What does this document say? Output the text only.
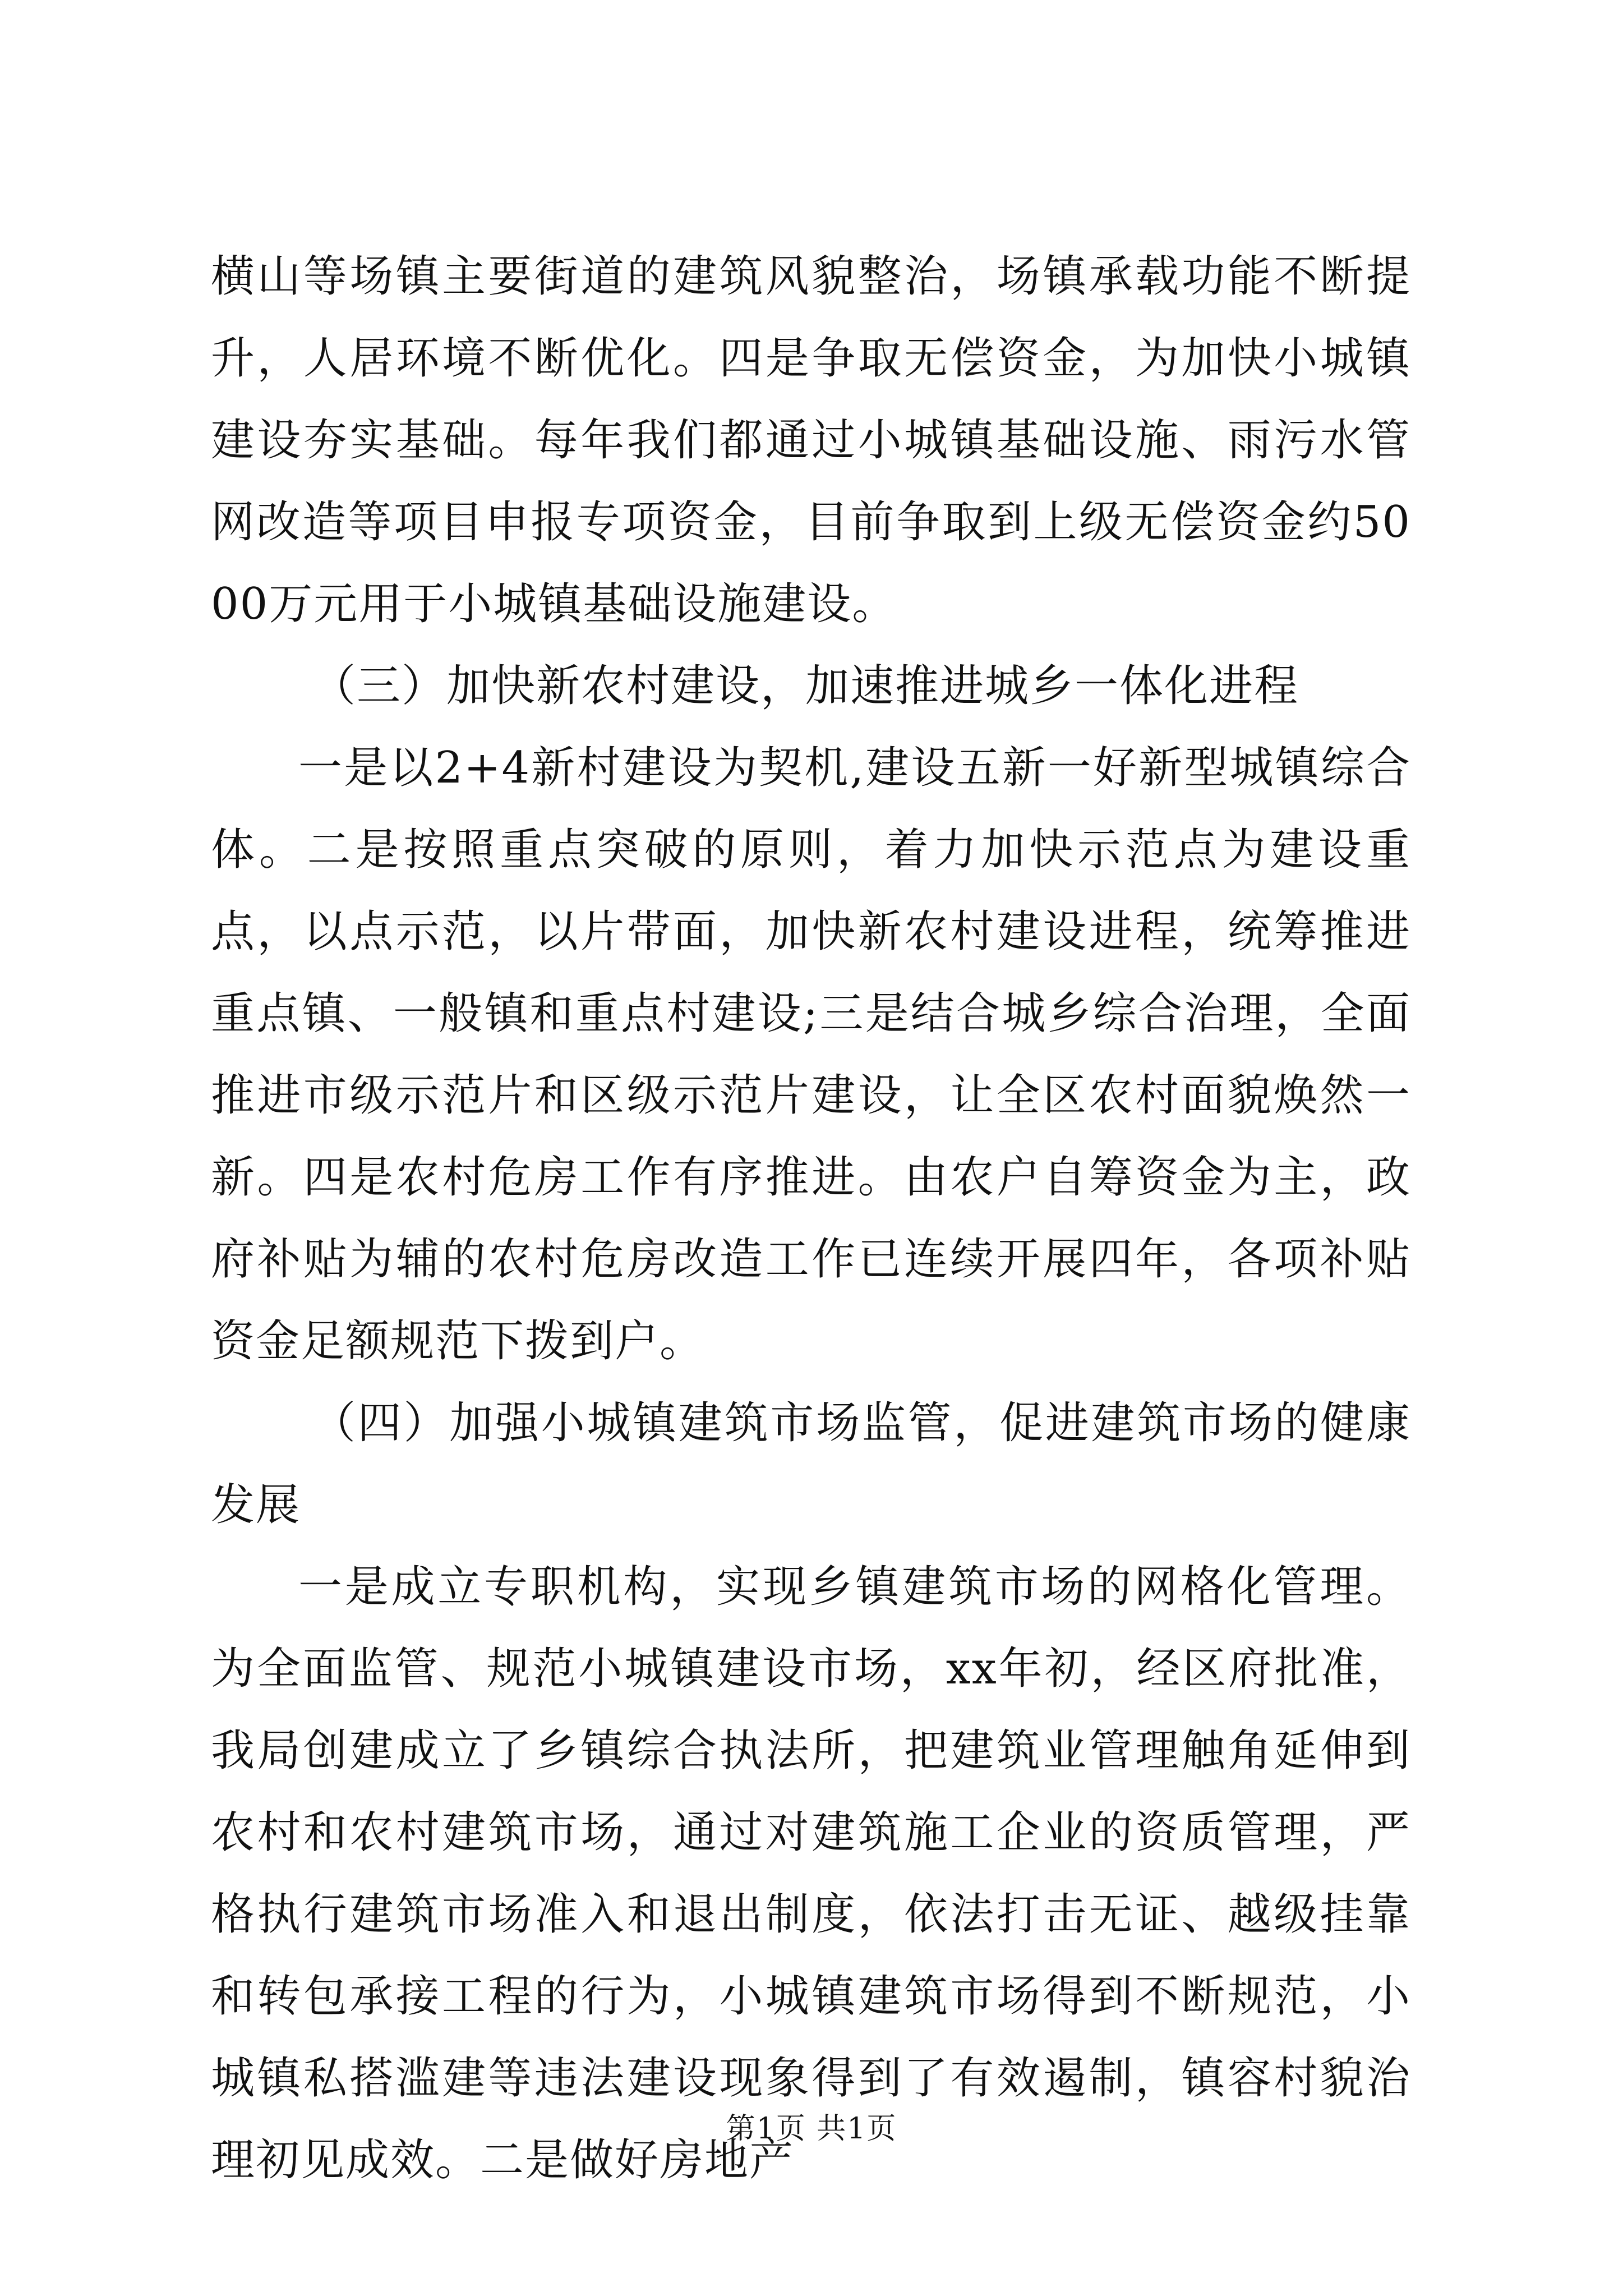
横山等场镇主要街道的建筑风貌整治，场镇承载功能不断提升，人居环境不断优化。四是争取无偿资金，为加快小城镇建设夯实基础。每年我们都通过小城镇基础设施、雨污水管网改造等项目申报专项资金，目前争取到上级无偿资金约5000万元用于小城镇基础设施建设。

（三）加快新农村建设，加速推进城乡一体化进程

一是以2+4新村建设为契机,建设五新一好新型城镇综合体。二是按照重点突破的原则，着力加快示范点为建设重点，以点示范，以片带面，加快新农村建设进程，统筹推进重点镇、一般镇和重点村建设;三是结合城乡综合治理，全面推进市级示范片和区级示范片建设，让全区农村面貌焕然一新。四是农村危房工作有序推进。由农户自筹资金为主，政府补贴为辅的农村危房改造工作已连续开展四年，各项补贴资金足额规范下拨到户。

（四）加强小城镇建筑市场监管，促进建筑市场的健康发展

一是成立专职机构，实现乡镇建筑市场的网格化管理。为全面监管、规范小城镇建设市场，xx年初，经区府批准，我局创建成立了乡镇综合执法所，把建筑业管理触角延伸到农村和农村建筑市场，通过对建筑施工企业的资质管理，严格执行建筑市场准入和退出制度，依法打击无证、越级挂靠和转包承接工程的行为，小城镇建筑市场得到不断规范，小城镇私搭滥建等违法建设现象得到了有效遏制，镇容村貌治理初见成效。二是做好房地产

第1页 共1页
